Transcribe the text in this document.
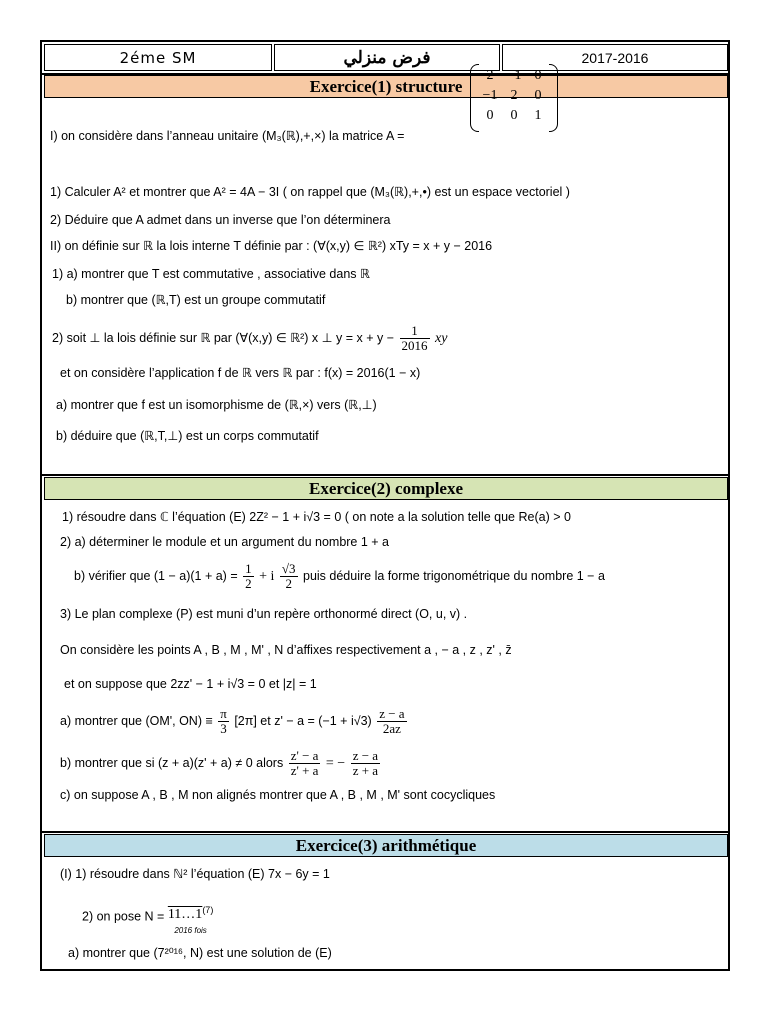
2éme SM	فرض منزلي	2017-2016
Exercice(1) structure
I) on considère dans l’anneau unitaire (M₃(ℝ),+,×) la matrice A =
2	−1	0
−1	2	0
0	0	1
1) Calculer A² et montrer que A² = 4A − 3I ( on rappel que (M₃(ℝ),+,•) est un espace vectoriel )
2) Déduire que A admet dans un inverse que l’on déterminera
II) on définie sur ℝ la lois interne T définie par : (∀(x,y) ∈ ℝ²) xTy = x + y − 2016
1) a) montrer que T est commutative , associative dans ℝ
b) montrer que (ℝ,T) est un groupe commutatif
2) soit ⊥ la lois définie sur ℝ par (∀(x,y) ∈ ℝ²) x ⊥ $y = x + y - \frac{1}{2016}$ xy
et on considère l’application f de ℝ vers ℝ par : f(x) = 2016(1 − x)
a) montrer que f est un isomorphisme de (ℝ,×) vers (ℝ,⊥)
b) déduire que (ℝ,T,⊥) est un corps commutatif
Exercice(2) complexe
1) résoudre dans ℂ l’équation (E) 2Z² − 1 + i√3 = 0 ( on note a la solution telle que Re(a) > 0
2) a) déterminer le module et un argument du nombre 1 + a
b) vérifier que $(1 - a)(1 + a) = \frac{1}{2} + i \frac{√3}{2}$ puis déduire la forme trigonométrique du nombre 1 − a
3) Le plan complexe (P) est muni d’un repère orthonormé direct (O, u, v) .
On considère les points A , B , M , M' , N d’affixes respectivement a , − a , z , z' , z̄
et on suppose que 2zz' − 1 + i√3 = 0 et |z| = 1
a) montrer que (OM', $ON) \equiv \frac{\pi}{3} [2\pi]$ et $z' - a = (-1 + i√3) \frac{z - a}{2az}$
b) montrer que si (z + a)(z' + a) ≠ 0 alors $\frac{z' - a}{z' + a}$ = − $\frac{z - a}{z + a}$
c) on suppose A , B , M non alignés montrer que A , B , M , M' sont cocycliques
Exercice(3) arithmétique
(I) 1) résoudre dans ℕ² l’équation (E) 7x − 6y = 1
2) on pose $N = 11\dots 1^{(7)}$
2016 fois
a) montrer que (7²⁰¹⁶, N) est une solution de (E)
